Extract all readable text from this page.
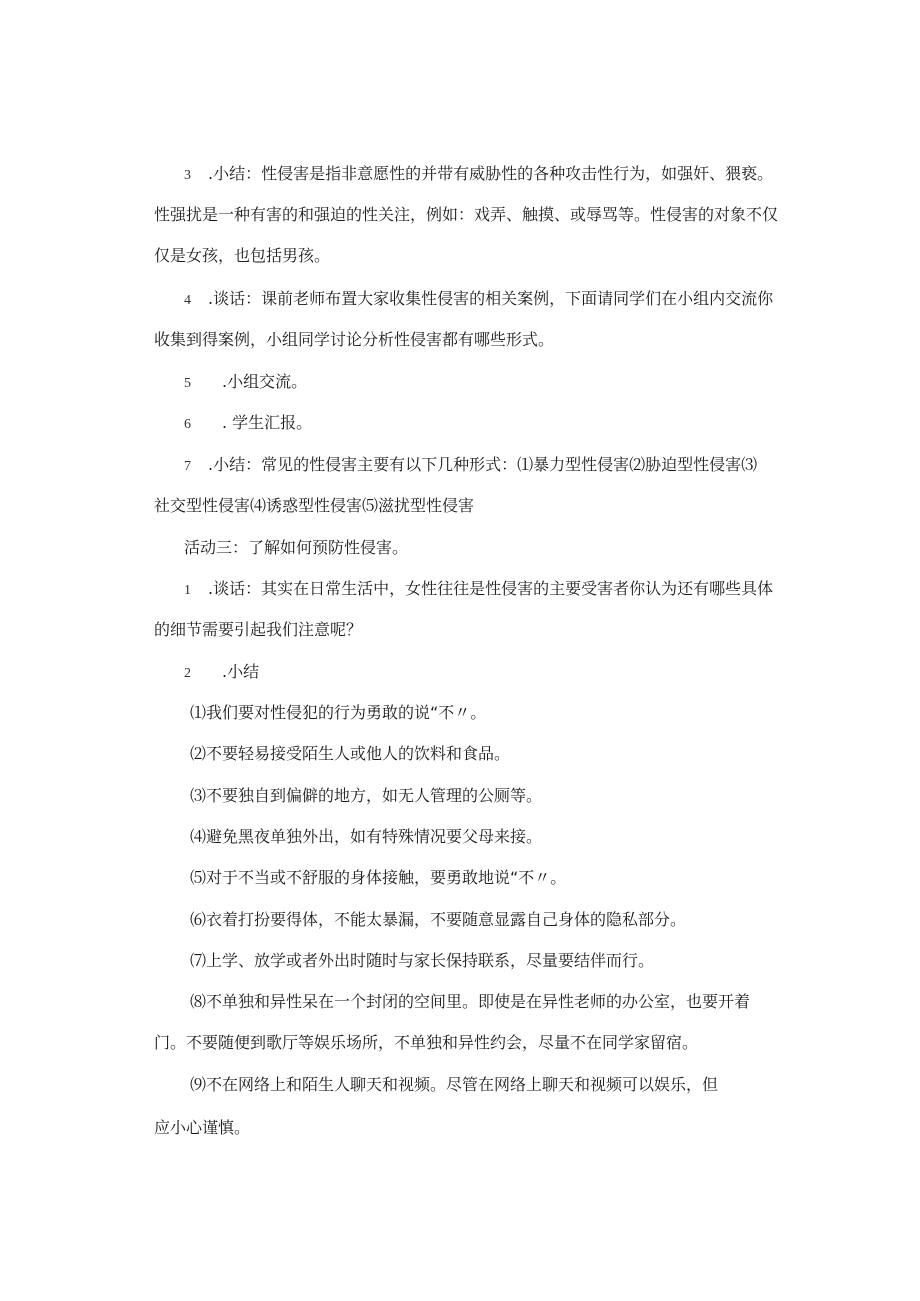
3 .小结：性侵害是指非意愿性的并带有威胁性的各种攻击性行为，如强奸、猥亵。
性强扰是一种有害的和强迫的性关注，例如：戏弄、触摸、或辱骂等。性侵害的对象不仅
仅是女孩，也包括男孩。
4 .谈话：课前老师布置大家收集性侵害的相关案例，下面请同学们在小组内交流你
收集到得案例，小组同学讨论分析性侵害都有哪些形式。
5 .小组交流。
6 . 学生汇报。
7 .小结：常见的性侵害主要有以下几种形式：⑴暴力型性侵害⑵胁迫型性侵害⑶
社交型性侵害⑷诱惑型性侵害⑸滋扰型性侵害
活动三：了解如何预防性侵害。
1 .谈话：其实在日常生活中，女性往往是性侵害的主要受害者你认为还有哪些具体
的细节需要引起我们注意呢？
2 .小结
⑴我们要对性侵犯的行为勇敢的说“不〃。
⑵不要轻易接受陌生人或他人的饮料和食品。
⑶不要独自到偏僻的地方，如无人管理的公厕等。
⑷避免黑夜单独外出，如有特殊情况要父母来接。
⑸对于不当或不舒服的身体接触，要勇敢地说“不〃。
⑹衣着打扮要得体，不能太暴漏，不要随意显露自己身体的隐私部分。
⑺上学、放学或者外出时随时与家长保持联系，尽量要结伴而行。
⑻不单独和异性呆在一个封闭的空间里。即使是在异性老师的办公室，也要开着
门。不要随便到歌厅等娱乐场所，不单独和异性约会，尽量不在同学家留宿。
⑼不在网络上和陌生人聊天和视频。尽管在网络上聊天和视频可以娱乐，但
应小心谨慎。
